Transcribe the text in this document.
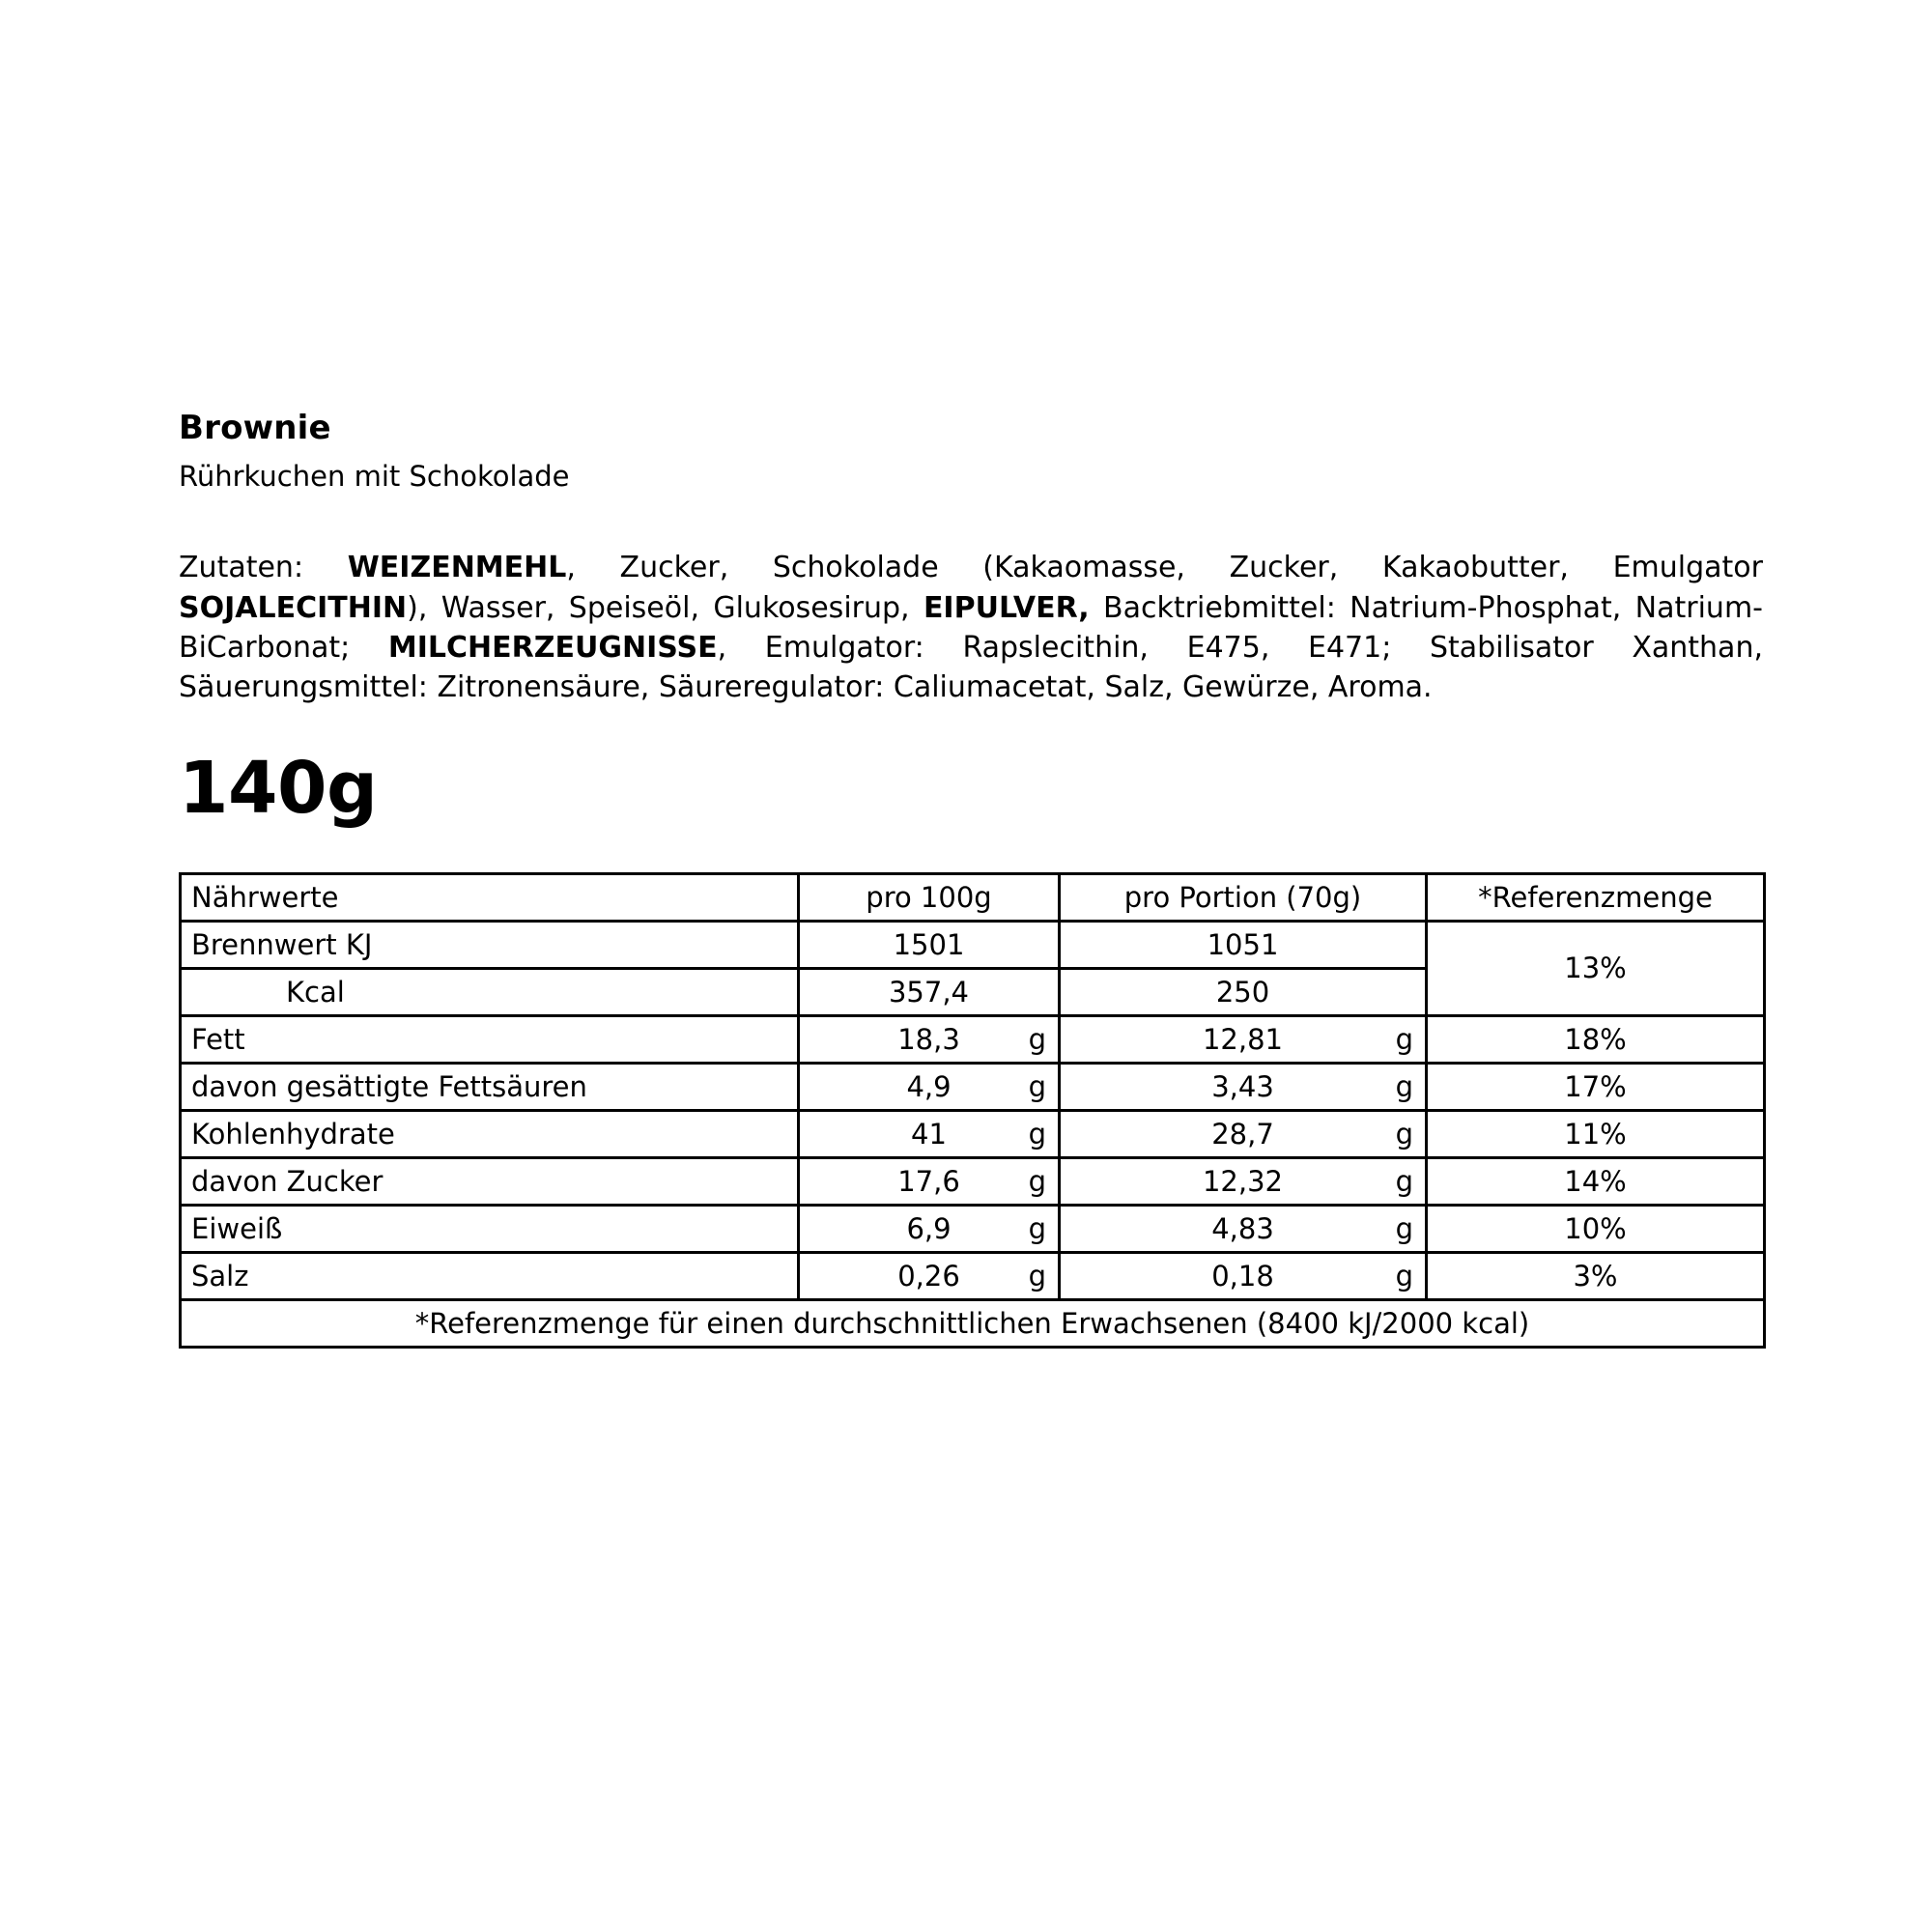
Brownie
Rührkuchen mit Schokolade
Zutaten: WEIZENMEHL, Zucker, Schokolade (Kakaomasse, Zucker, Kakaobutter, Emulgator SOJALECITHIN), Wasser, Speiseöl, Glukosesirup, EIPULVER, Backtriebmittel: Natrium-Phosphat, Natrium-BiCarbonat; MILCHERZEUGNISSE, Emulgator: Rapslecithin, E475, E471; Stabilisator Xanthan, Säuerungsmittel: Zitronensäure, Säureregulator: Caliumacetat, Salz, Gewürze, Aroma.
140g
Nährwerte	pro 100g	pro Portion (70g)	*Referenzmenge
Brennwert KJ	1501	1051	13%
Kcal	357,4	250	
Fett	18,3 g	12,81 g	18%
davon gesättigte Fettsäuren	4,9 g	3,43 g	17%
Kohlenhydrate	41 g	28,7 g	11%
davon Zucker	17,6 g	12,32 g	14%
Eiweiß	6,9 g	4,83 g	10%
Salz	0,26 g	0,18 g	3%
*Referenzmenge für einen durchschnittlichen Erwachsenen (8400 kJ/2000 kcal)			
